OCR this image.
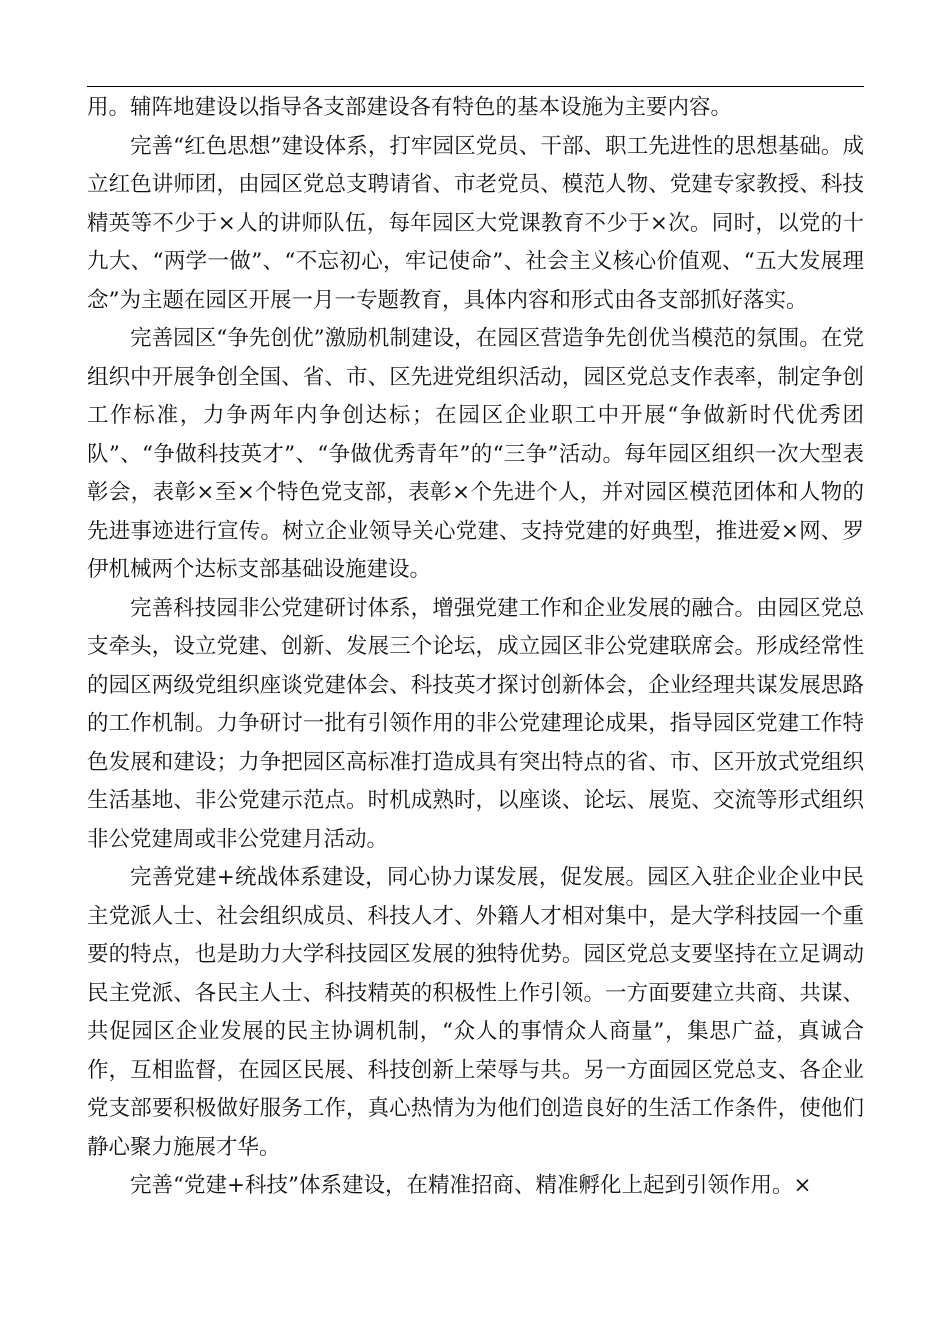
用。辅阵地建设以指导各支部建设各有特色的基本设施为主要内容。

完善“红色思想”建设体系，打牢园区党员、干部、职工先进性的思想基础。成立红色讲师团，由园区党总支聘请省、市老党员、模范人物、党建专家教授、科技精英等不少于×人的讲师队伍，每年园区大党课教育不少于×次。同时，以党的十九大、“两学一做”、“不忘初心，牢记使命”、社会主义核心价值观、“五大发展理念”为主题在园区开展一月一专题教育，具体内容和形式由各支部抓好落实。

完善园区“争先创优”激励机制建设，在园区营造争先创优当模范的氛围。在党组织中开展争创全国、省、市、区先进党组织活动，园区党总支作表率，制定争创工作标准，力争两年内争创达标；在园区企业职工中开展“争做新时代优秀团队”、“争做科技英才”、“争做优秀青年”的“三争”活动。每年园区组织一次大型表彰会，表彰×至×个特色党支部，表彰×个先进个人，并对园区模范团体和人物的先进事迹进行宣传。树立企业领导关心党建、支持党建的好典型，推进爱×网、罗伊机械两个达标支部基础设施建设。

完善科技园非公党建研讨体系，增强党建工作和企业发展的融合。由园区党总支牵头，设立党建、创新、发展三个论坛，成立园区非公党建联席会。形成经常性的园区两级党组织座谈党建体会、科技英才探讨创新体会，企业经理共谋发展思路的工作机制。力争研讨一批有引领作用的非公党建理论成果，指导园区党建工作特色发展和建设；力争把园区高标准打造成具有突出特点的省、市、区开放式党组织生活基地、非公党建示范点。时机成熟时，以座谈、论坛、展览、交流等形式组织非公党建周或非公党建月活动。

完善党建+统战体系建设，同心协力谋发展，促发展。园区入驻企业企业中民主党派人士、社会组织成员、科技人才、外籍人才相对集中，是大学科技园一个重要的特点，也是助力大学科技园区发展的独特优势。园区党总支要坚持在立足调动民主党派、各民主人士、科技精英的积极性上作引领。一方面要建立共商、共谋、共促园区企业发展的民主协调机制，“众人的事情众人商量”，集思广益，真诚合作，互相监督，在园区民展、科技创新上荣辱与共。另一方面园区党总支、各企业党支部要积极做好服务工作，真心热情为为他们创造良好的生活工作条件，使他们静心聚力施展才华。

完善“党建+科技”体系建设，在精准招商、精准孵化上起到引领作用。×
